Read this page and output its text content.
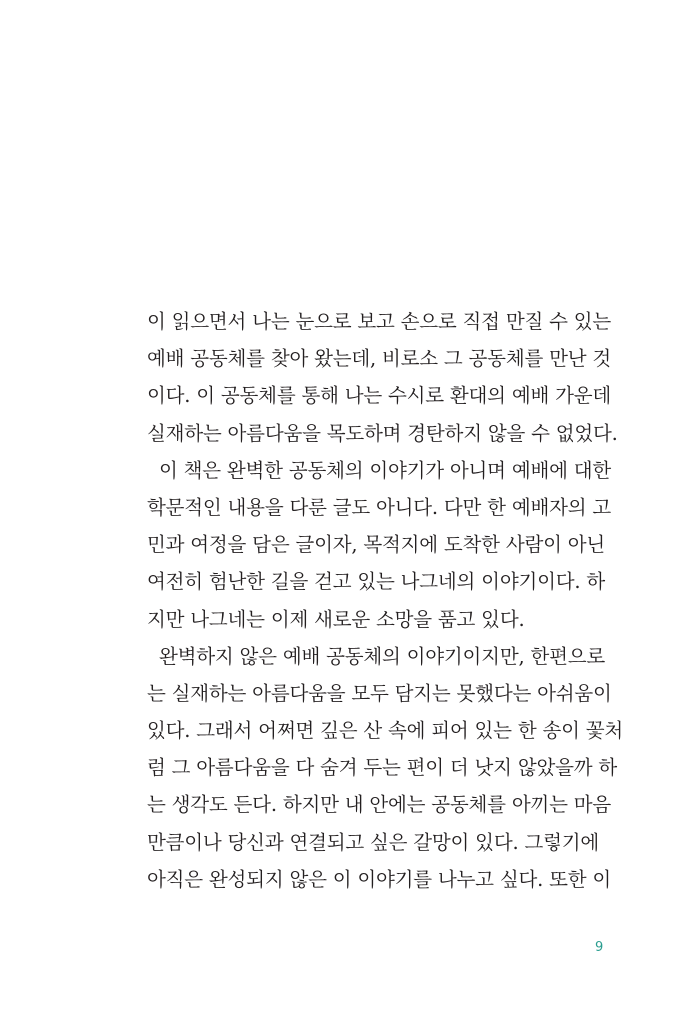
이 읽으면서 나는 눈으로 보고 손으로 직접 만질 수 있는
예배 공동체를 찾아 왔는데, 비로소 그 공동체를 만난 것
이다. 이 공동체를 통해 나는 수시로 환대의 예배 가운데
실재하는 아름다움을 목도하며 경탄하지 않을 수 없었다.
이 책은 완벽한 공동체의 이야기가 아니며 예배에 대한
학문적인 내용을 다룬 글도 아니다. 다만 한 예배자의 고
민과 여정을 담은 글이자, 목적지에 도착한 사람이 아닌
여전히 험난한 길을 걷고 있는 나그네의 이야기이다. 하
지만 나그네는 이제 새로운 소망을 품고 있다.
완벽하지 않은 예배 공동체의 이야기이지만, 한편으로
는 실재하는 아름다움을 모두 담지는 못했다는 아쉬움이
있다. 그래서 어쩌면 깊은 산 속에 피어 있는 한 송이 꽃처
럼 그 아름다움을 다 숨겨 두는 편이 더 낫지 않았을까 하
는 생각도 든다. 하지만 내 안에는 공동체를 아끼는 마음
만큼이나 당신과 연결되고 싶은 갈망이 있다. 그렇기에
아직은 완성되지 않은 이 이야기를 나누고 싶다. 또한 이
9
